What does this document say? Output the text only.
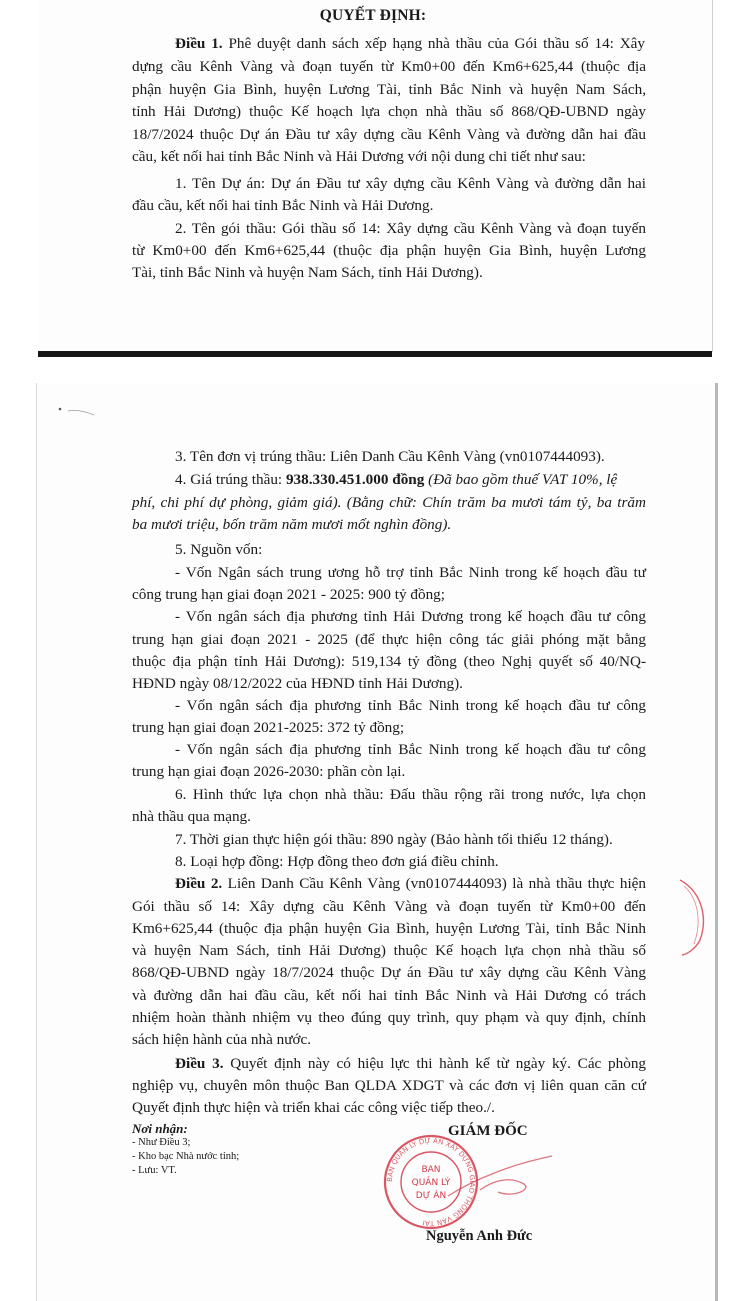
QUYẾT ĐỊNH:
Điều 1. Phê duyệt danh sách xếp hạng nhà thầu của Gói thầu số 14: Xây
dựng cầu Kênh Vàng và đoạn tuyến từ Km0+00 đến Km6+625,44 (thuộc địa
phận huyện Gia Bình, huyện Lương Tài, tỉnh Bắc Ninh và huyện Nam Sách,
tỉnh Hải Dương) thuộc Kế hoạch lựa chọn nhà thầu số 868/QĐ-UBND ngày
18/7/2024 thuộc Dự án Đầu tư xây dựng cầu Kênh Vàng và đường dẫn hai đầu
cầu, kết nối hai tỉnh Bắc Ninh và Hải Dương với nội dung chi tiết như sau:
1. Tên Dự án: Dự án Đầu tư xây dựng cầu Kênh Vàng và đường dẫn hai
đầu cầu, kết nối hai tỉnh Bắc Ninh và Hải Dương.
2. Tên gói thầu: Gói thầu số 14: Xây dựng cầu Kênh Vàng và đoạn tuyến
từ Km0+00 đến Km6+625,44 (thuộc địa phận huyện Gia Bình, huyện Lương
Tài, tỉnh Bắc Ninh và huyện Nam Sách, tỉnh Hải Dương).
3. Tên đơn vị trúng thầu: Liên Danh Cầu Kênh Vàng (vn0107444093).
4. Giá trúng thầu: 938.330.451.000 đồng (Đã bao gồm thuế VAT 10%, lệ
phí, chi phí dự phòng, giảm giá). (Bằng chữ: Chín trăm ba mươi tám tỷ, ba trăm
ba mươi triệu, bốn trăm năm mươi mốt nghìn đồng).
5. Nguồn vốn:
- Vốn Ngân sách trung ương hỗ trợ tỉnh Bắc Ninh trong kế hoạch đầu tư
công trung hạn giai đoạn 2021 - 2025: 900 tỷ đồng;
- Vốn ngân sách địa phương tỉnh Hải Dương trong kế hoạch đầu tư công
trung hạn giai đoạn 2021 - 2025 (để thực hiện công tác giải phóng mặt bằng
thuộc địa phận tỉnh Hải Dương): 519,134 tỷ đồng (theo Nghị quyết số 40/NQ-
HĐND ngày 08/12/2022 của HĐND tỉnh Hải Dương).
- Vốn ngân sách địa phương tỉnh Bắc Ninh trong kế hoạch đầu tư công
trung hạn giai đoạn 2021-2025: 372 tỷ đồng;
- Vốn ngân sách địa phương tỉnh Bắc Ninh trong kế hoạch đầu tư công
trung hạn giai đoạn 2026-2030: phần còn lại.
6. Hình thức lựa chọn nhà thầu: Đấu thầu rộng rãi trong nước, lựa chọn
nhà thầu qua mạng.
7. Thời gian thực hiện gói thầu: 890 ngày (Bảo hành tối thiểu 12 tháng).
8. Loại hợp đồng: Hợp đồng theo đơn giá điều chỉnh.
Điều 2. Liên Danh Cầu Kênh Vàng (vn0107444093) là nhà thầu thực hiện
Gói thầu số 14: Xây dựng cầu Kênh Vàng và đoạn tuyến từ Km0+00 đến
Km6+625,44 (thuộc địa phận huyện Gia Bình, huyện Lương Tài, tỉnh Bắc Ninh
và huyện Nam Sách, tỉnh Hải Dương) thuộc Kế hoạch lựa chọn nhà thầu số
868/QĐ-UBND ngày 18/7/2024 thuộc Dự án Đầu tư xây dựng cầu Kênh Vàng
và đường dẫn hai đầu cầu, kết nối hai tỉnh Bắc Ninh và Hải Dương có trách
nhiệm hoàn thành nhiệm vụ theo đúng quy trình, quy phạm và quy định, chính
sách hiện hành của nhà nước.
Điều 3. Quyết định này có hiệu lực thi hành kể từ ngày ký. Các phòng
nghiệp vụ, chuyên môn thuộc Ban QLDA XDGT và các đơn vị liên quan căn cứ
Quyết định thực hiện và triển khai các công việc tiếp theo./.
Nơi nhận:
- Như Điều 3;
- Kho bạc Nhà nước tỉnh;
- Lưu: VT.
GIÁM ĐỐC
BAN QUẢN LÝ DỰ ÁN XÂY DỰNG GIAO THÔNG VẬN TẢI
BAN
QUẢN LÝ
DỰ ÁN
Nguyễn Anh Đức
